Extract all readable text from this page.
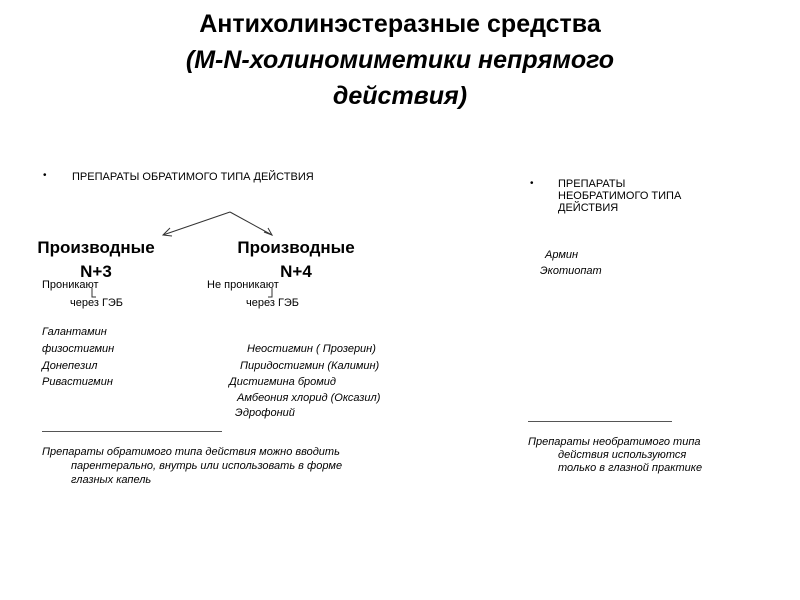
Антихолинэстеразные средства
(M-N-холиномиметики непрямого
действия)
• ПРЕПАРАТЫ ОБРАТИМОГО ТИПА ДЕЙСТВИЯ
Производные
N+3
Производные
N+4
Проникают
через ГЭБ
Не проникают
через ГЭБ
Галантамин
физостигмин
Донепезил
Ривастигмин
Неостигмин ( Прозерин)
Пиридостигмин (Калимин)
Дистигмина бромид
Амбеония хлорид (Оксазил)
Эдрофоний
Препараты обратимого типа действия можно вводить
парентерально, внутрь или использовать в форме
глазных капель
• ПРЕПАРАТЫ
НЕОБРАТИМОГО ТИПА
ДЕЙСТВИЯ
Армин
Экотиопат
Препараты необратимого типа
действия используются
только в глазной практике
